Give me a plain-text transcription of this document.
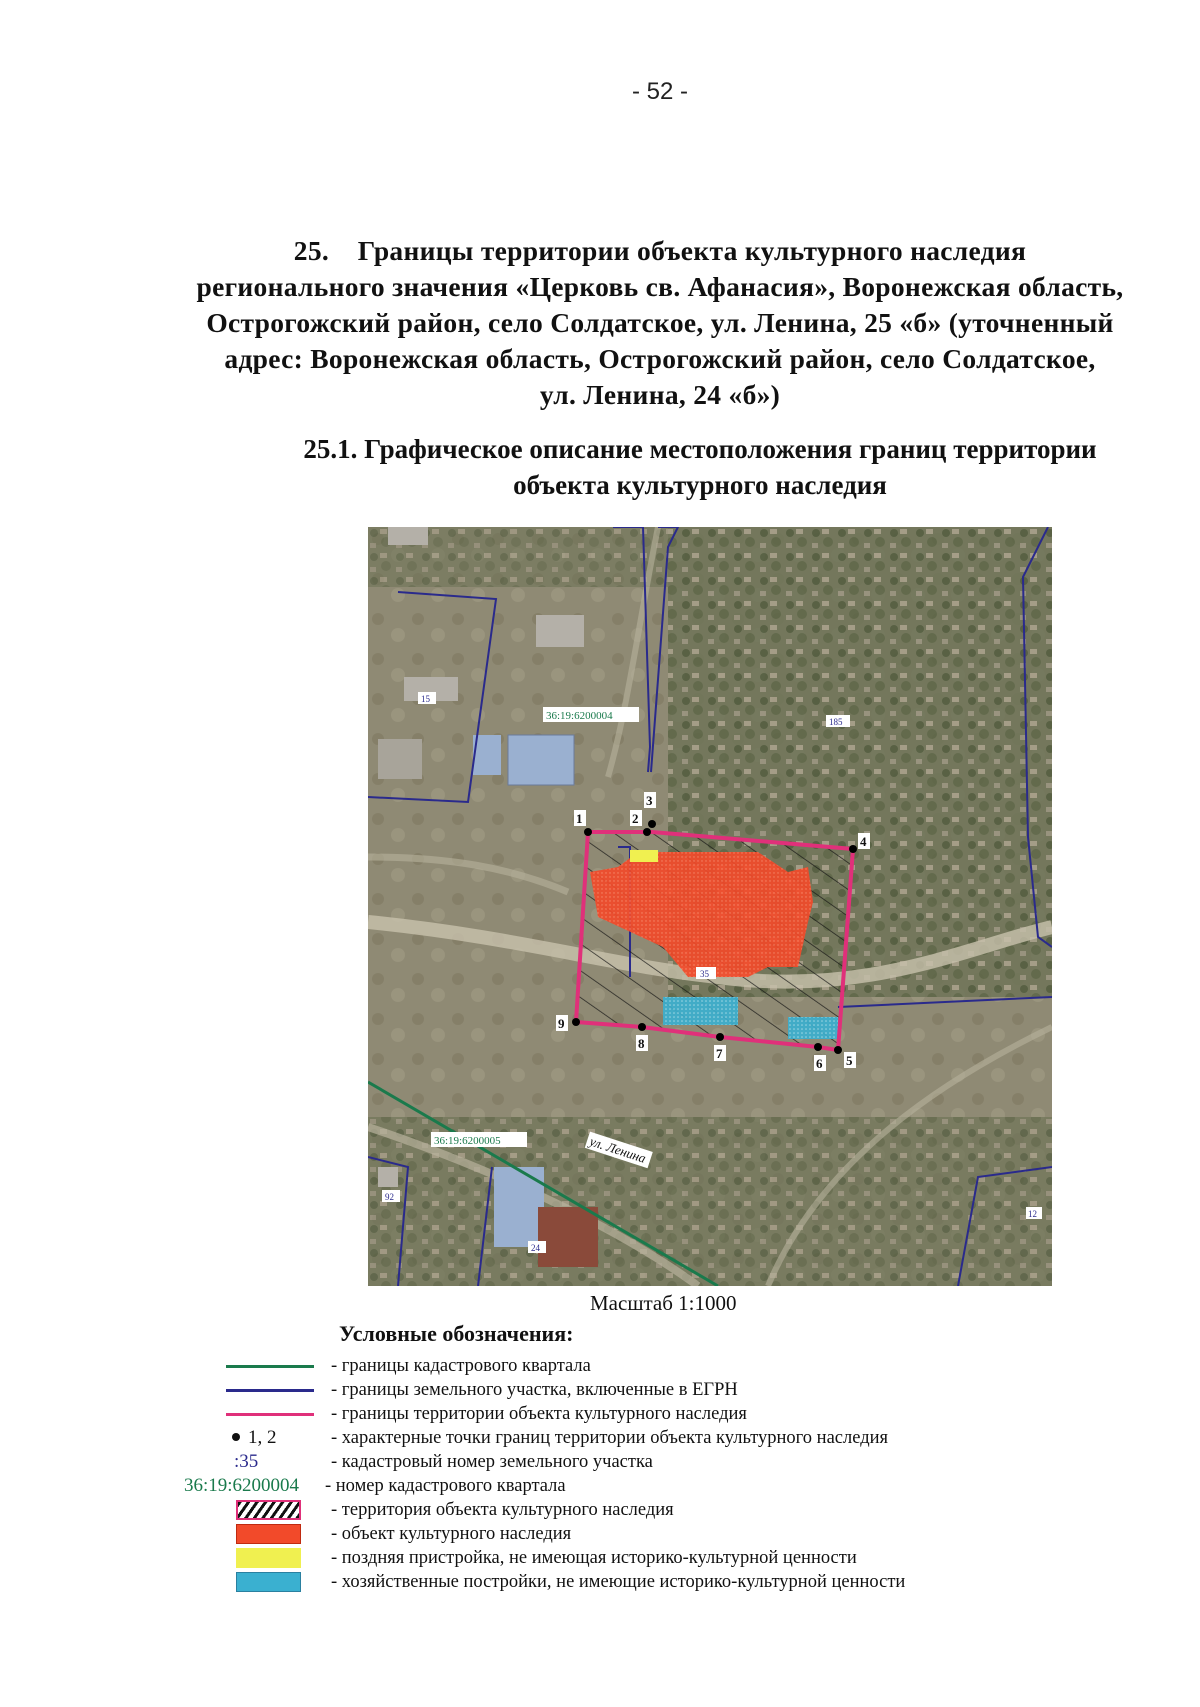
- 52 -
25.    Границы территории объекта культурного наследия
регионального значения «Церковь св. Афанасия», Воронежская область,
Острогожский район, село Солдатское, ул. Ленина, 25 «б» (уточненный
адрес: Воронежская область, Острогожский район, село Солдатское,
ул. Ленина, 24 «б»)
25.1. Графическое описание местоположения границ территории
объекта культурного наследия
1	2
3
4
5
6
7
8
9
36:19:6200004
36:19:6200005
15
185
35
92
24
12
ул. Ленина
Масштаб 1:1000
Условные обозначения:
- границы кадастрового квартала
- границы земельного участка, включенные в ЕГРН
- границы территории объекта культурного наследия
1, 2	- характерные точки границ территории объекта культурного наследия
:35	- кадастровый номер земельного участка
36:19:6200004 - номер кадастрового квартала
- территория объекта культурного наследия
- объект культурного наследия
- поздняя пристройка, не имеющая историко-культурной ценности
- хозяйственные постройки, не имеющие историко-культурной ценности
